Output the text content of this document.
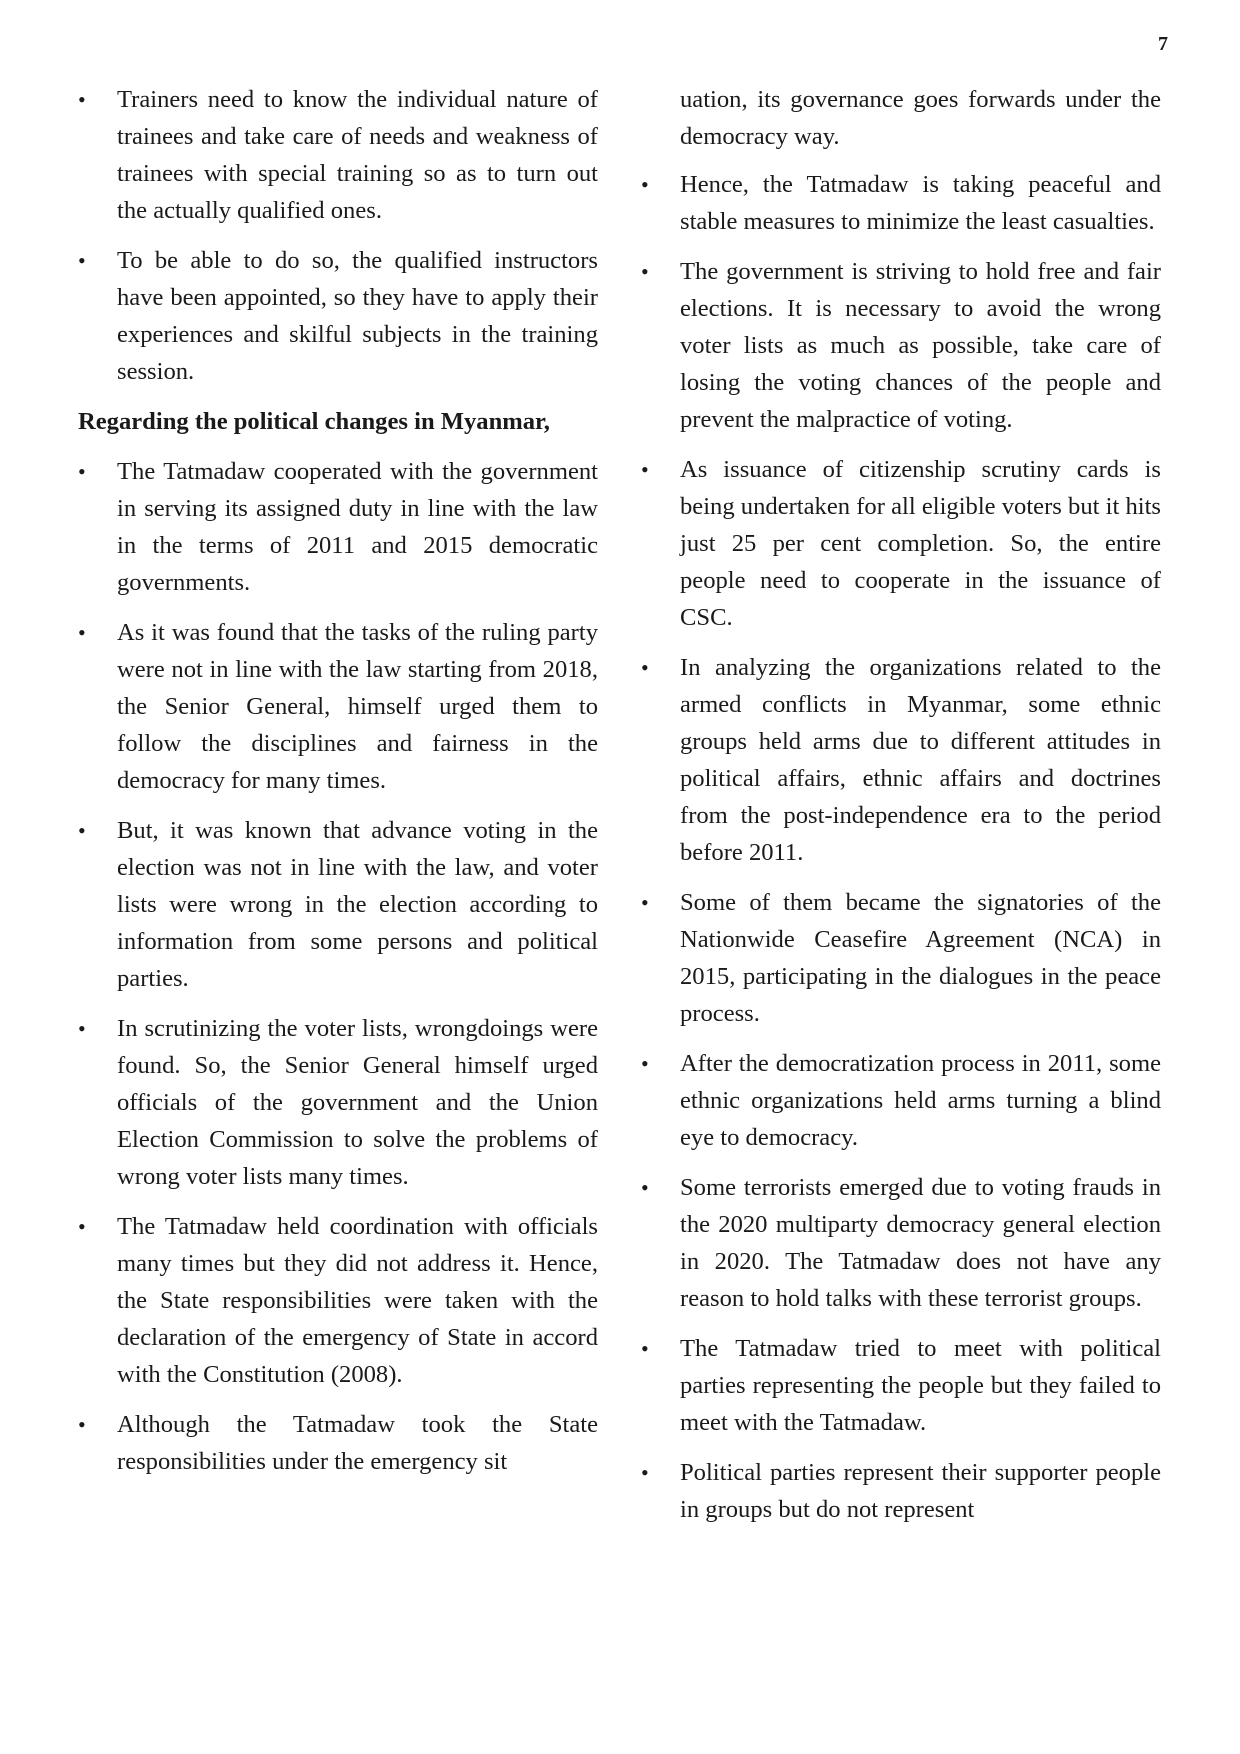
7
• Trainers need to know the individual nature of trainees and take care of needs and weakness of trainees with special training so as to turn out the actually qualified ones.
• To be able to do so, the qualified instructors have been appointed, so they have to apply their experiences and skilful subjects in the training session.
Regarding the political changes in Myanmar,
• The Tatmadaw cooperated with the government in serving its assigned duty in line with the law in the terms of 2011 and 2015 democratic governments.
• As it was found that the tasks of the ruling party were not in line with the law starting from 2018, the Senior General, himself urged them to follow the disciplines and fairness in the democracy for many times.
• But, it was known that advance voting in the election was not in line with the law, and voter lists were wrong in the election according to information from some persons and political parties.
• In scrutinizing the voter lists, wrongdoings were found. So, the Senior General himself urged officials of the government and the Union Election Commission to solve the problems of wrong voter lists many times.
• The Tatmadaw held coordination with officials many times but they did not address it. Hence, the State responsibilities were taken with the declaration of the emergency of State in accord with the Constitution (2008).
• Although the Tatmadaw took the State responsibilities under the emergency sit
uation, its governance goes forwards under the democracy way.
• Hence, the Tatmadaw is taking peaceful and stable measures to minimize the least casualties.
• The government is striving to hold free and fair elections. It is necessary to avoid the wrong voter lists as much as possible, take care of losing the voting chances of the people and prevent the malpractice of voting.
• As issuance of citizenship scrutiny cards is being undertaken for all eligible voters but it hits just 25 per cent completion. So, the entire people need to cooperate in the issuance of CSC.
• In analyzing the organizations related to the armed conflicts in Myanmar, some ethnic groups held arms due to different attitudes in political affairs, ethnic affairs and doctrines from the post-independence era to the period before 2011.
• Some of them became the signatories of the Nationwide Ceasefire Agreement (NCA) in 2015, participating in the dialogues in the peace process.
• After the democratization process in 2011, some ethnic organizations held arms turning a blind eye to democracy.
• Some terrorists emerged due to voting frauds in the 2020 multiparty democracy general election in 2020. The Tatmadaw does not have any reason to hold talks with these terrorist groups.
• The Tatmadaw tried to meet with political parties representing the people but they failed to meet with the Tatmadaw.
• Political parties represent their supporter people in groups but do not represent
